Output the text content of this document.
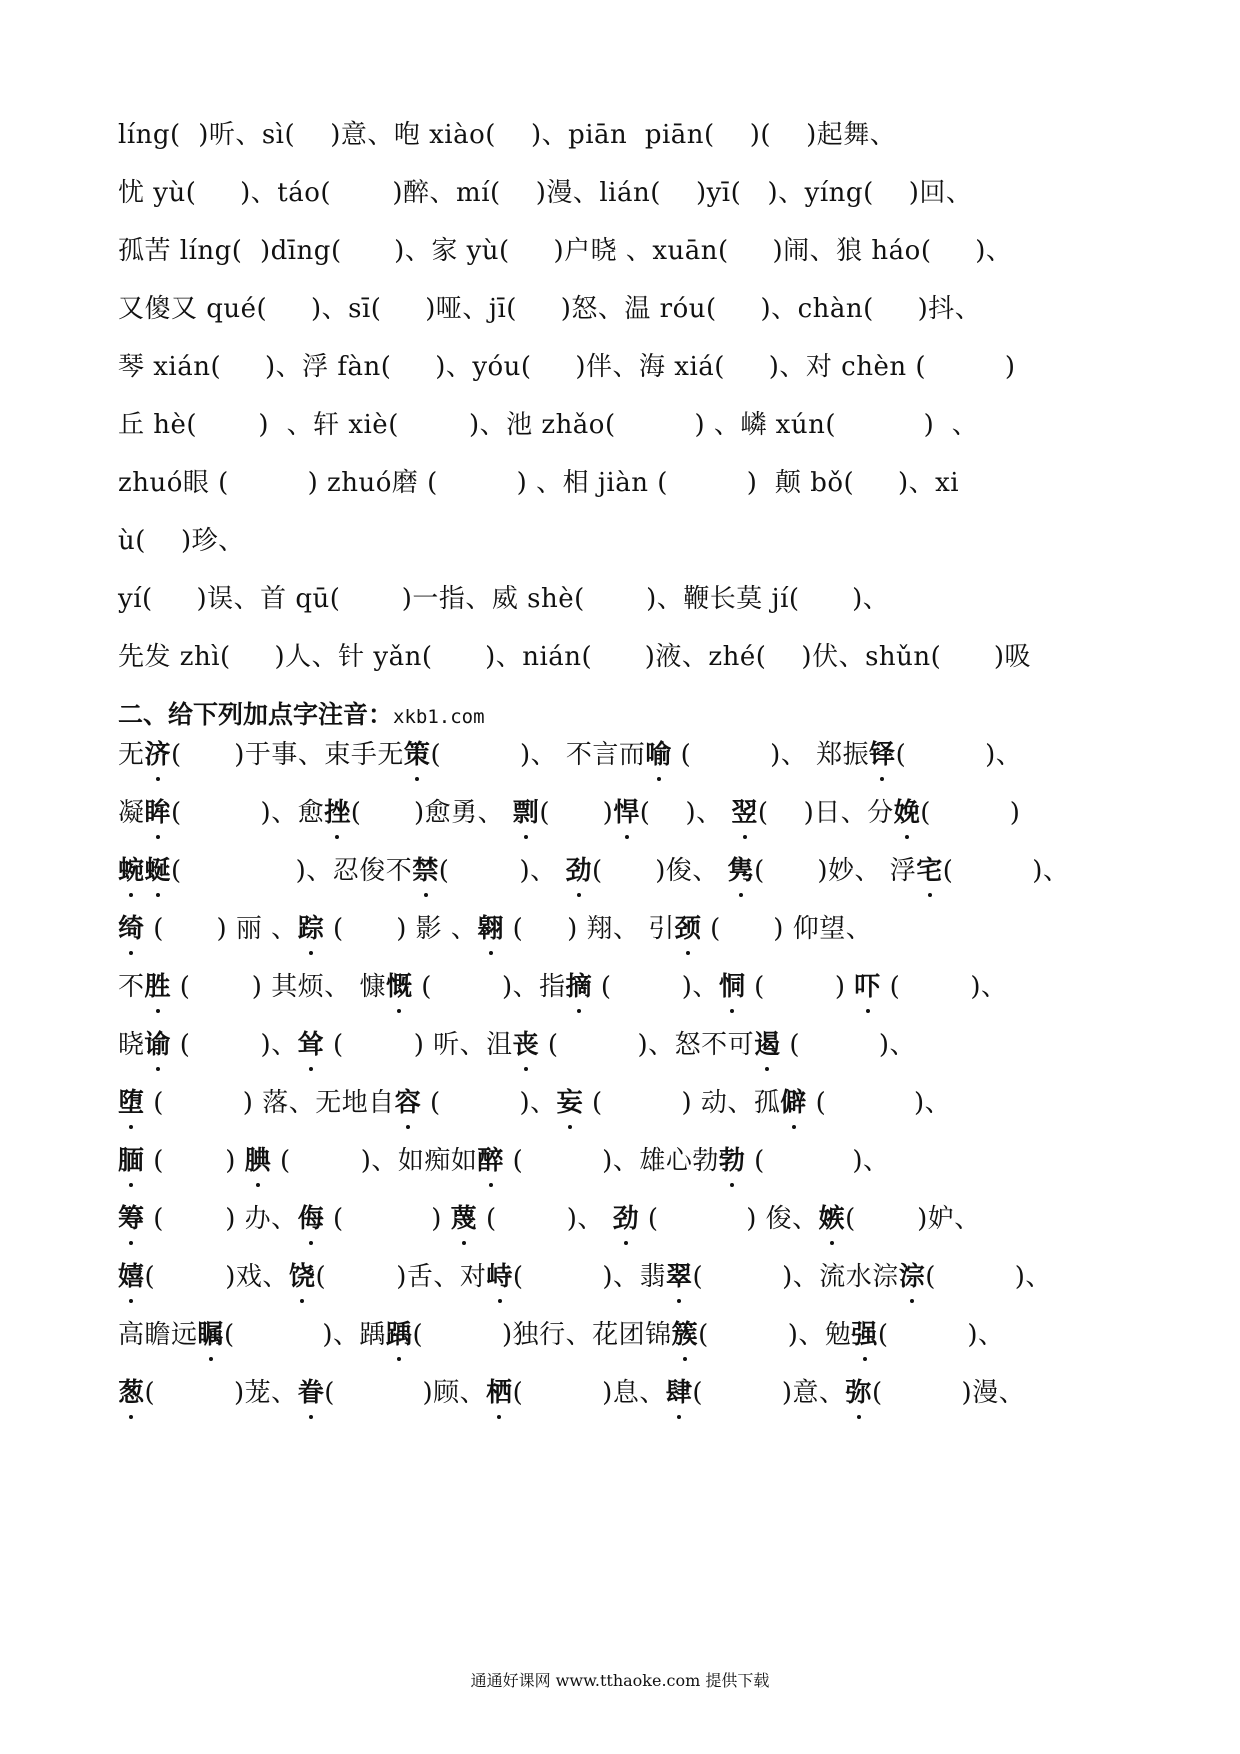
líng(  )听、sì(    )意、咆 xiào(    )、piān  piān(    )(    )起舞、
忧 yù(     )、táo(       )醉、mí(    )漫、lián(    )yī(   )、yíng(    )回、
孤苦 líng(  )dīng(      )、家 yù(     )户晓 、xuān(     )闹、狼 háo(     )、
又傻又 qué(     )、sī(     )哑、jī(     )怒、温 róu(     )、chàn(     )抖、
琴 xián(     )、浮 fàn(     )、yóu(     )伴、海 xiá(     )、对 chèn (         )
丘 hè(       )  、轩 xiè(        )、池 zhǎo(         ) 、嶙 xún(          )  、
zhuó眼 (         ) zhuó磨 (         ) 、相 jiàn (         )  颠 bǒ(     )、xi
ù(    )珍、
yí(     )误、首 qū(       )一指、威 shè(       )、鞭长莫 jí(      )、
先发 zhì(     )人、针 yǎn(      )、nián(      )液、zhé(    )伏、shǔn(      )吸
二、给下列加点字注音：xkb1.com
无济(      )于事、束手无策(         )、 不言而喻 (         )、 郑振铎(         )、
凝眸(         )、愈挫(      )愈勇、 剽(      )悍(    )、 翌(    )日、分娩(         )
蜿蜒(             )、忍俊不禁(        )、 劲(      )俊、 隽(      )妙、 浮宅(         )、
绮 (      ) 丽 、踪 (      ) 影 、翱 (     ) 翔、 引颈 (      ) 仰望、
不胜 (       ) 其烦、 慷慨 (        )、指摘 (        )、恫 (        ) 吓 (        )、
晓谕 (        )、耸 (        ) 听、沮丧 (         )、怒不可遏 (         )、
堕 (         ) 落、无地自容 (         )、妄 (         ) 动、孤僻 (          )、
腼 (       ) 腆 (        )、如痴如醉 (         )、雄心勃勃 (          )、
筹 (       ) 办、侮 (          ) 蔑 (        )、 劲 (          ) 俊、嫉(       )妒、
嬉(        )戏、饶(        )舌、对峙(         )、翡翠(         )、流水淙淙(         )、
高瞻远瞩(          )、踽踽(         )独行、花团锦簇(         )、勉强(         )、
葱(         )茏、眷(          )顾、栖(         )息、肆(         )意、弥(         )漫、
通通好课网 www.tthaoke.com 提供下载
